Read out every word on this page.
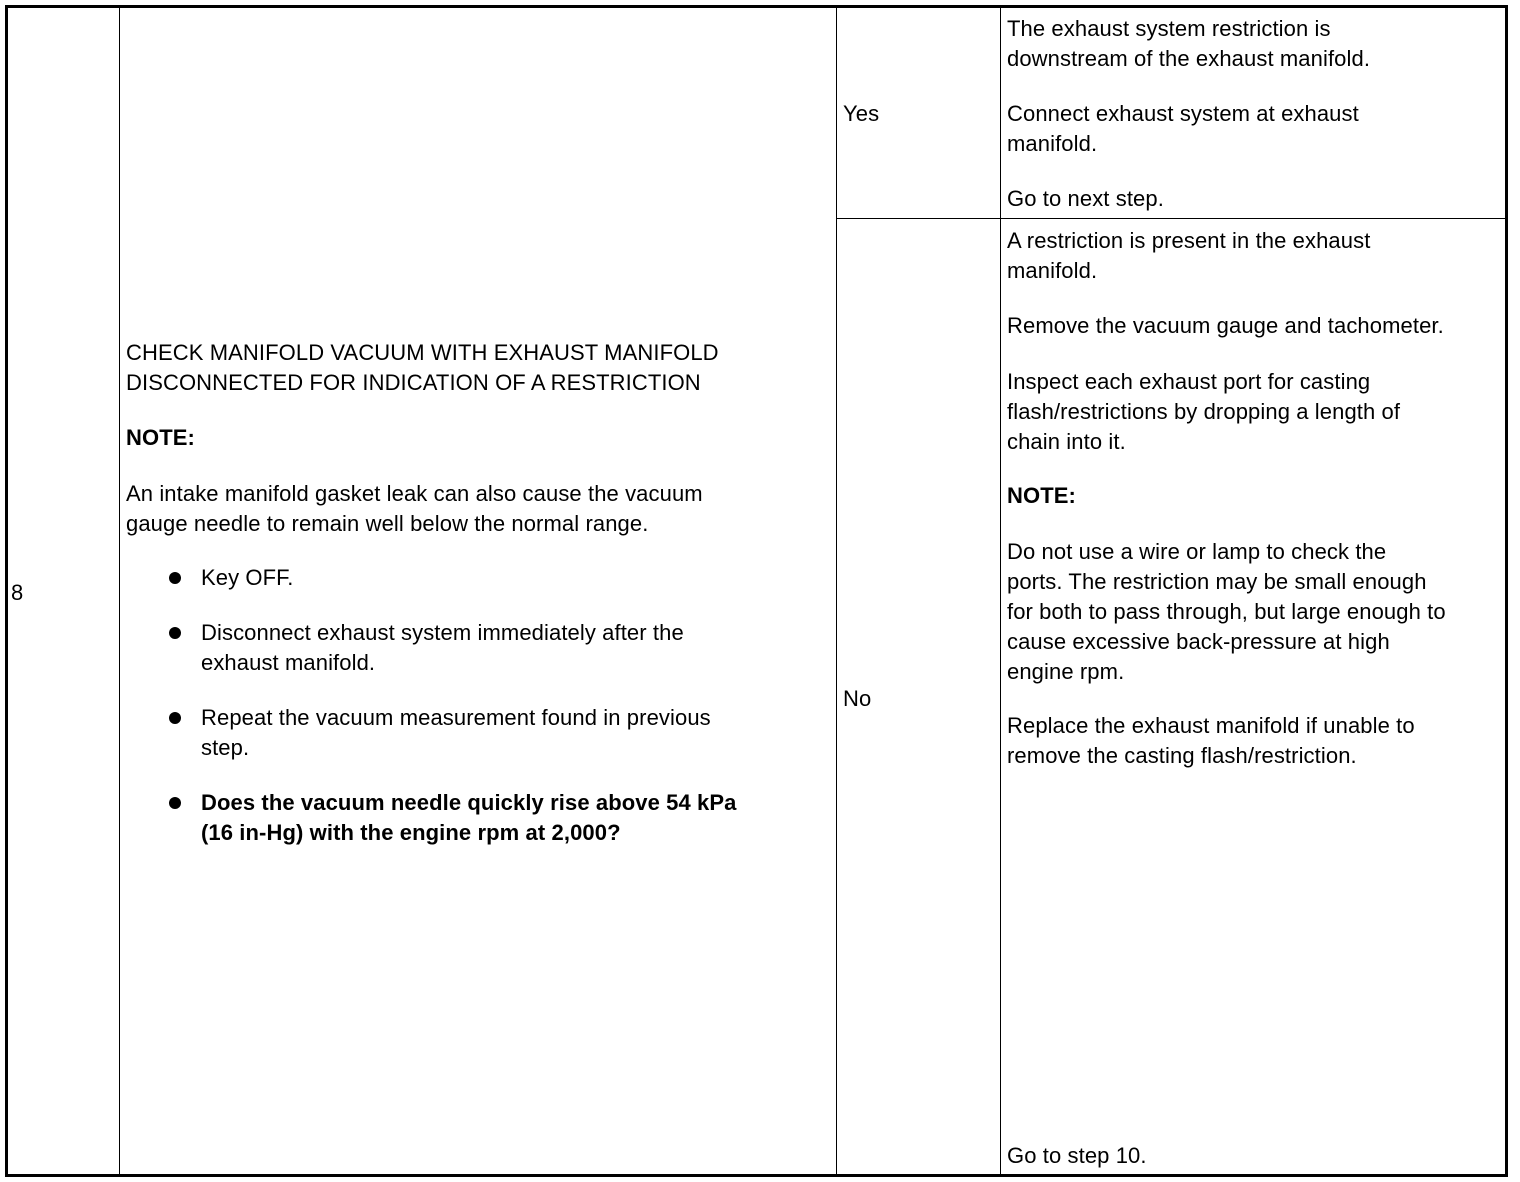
8

CHECK MANIFOLD VACUUM WITH EXHAUST MANIFOLD

DISCONNECTED FOR INDICATION OF A RESTRICTION

NOTE:

An intake manifold gasket leak can also cause the vacuum

gauge needle to remain well below the normal range.

Key OFF.

Disconnect exhaust system immediately after the

exhaust manifold.

Repeat the vacuum measurement found in previous

step.

Does the vacuum needle quickly rise above 54 kPa

(16 in-Hg) with the engine rpm at 2,000?

Yes

The exhaust system restriction is

downstream of the exhaust manifold.

Connect exhaust system at exhaust

manifold.

Go to next step.
No

A restriction is present in the exhaust

manifold.

Remove the vacuum gauge and tachometer.

Inspect each exhaust port for casting

flash/restrictions by dropping a length of

chain into it.

NOTE:

Do not use a wire or lamp to check the

ports. The restriction may be small enough

for both to pass through, but large enough to

cause excessive back-pressure at high

engine rpm.

Replace the exhaust manifold if unable to

remove the casting flash/restriction.

Go to step 10.
